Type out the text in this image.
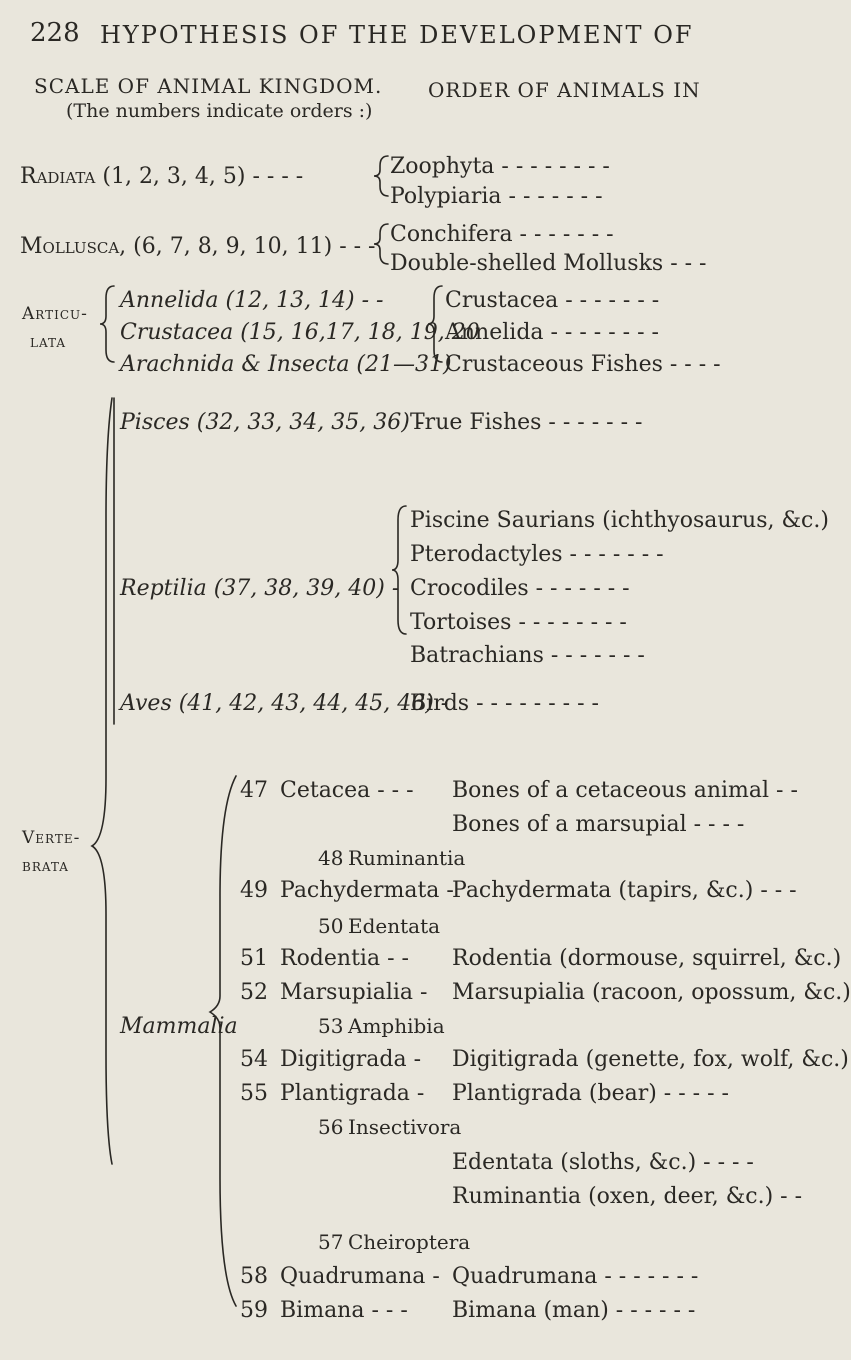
228 HYPOTHESIS OF THE DEVELOPMENT OF
SCALE OF ANIMAL KINGDOM.
(The numbers indicate orders :)
ORDER OF ANIMALS IN
Radiata (1, 2, 3, 4, 5) - - - -	Zoophyta - - - - - - - -
Polypiaria - - - - - - -
Mollusca, (6, 7, 8, 9, 10, 11) - - - Conchifera - - - - - - -
Double-shelled Mollusks - - -
Articu-
lata
Annelida (12, 13, 14) - -
Crustacea (15, 16,17, 18, 19, 20
Arachnida & Insecta (21—31)
Crustacea - - - - - - -
Annelida - - - - - - - -
Crustaceous Fishes - - - -
Pisces (32, 33, 34, 35, 36) -
True Fishes - - - - - - -
Reptilia (37, 38, 39, 40) -
Piscine Saurians (ichthyosaurus, &c.)
Pterodactyles - - - - - - -
Crocodiles - - - - - - -
Tortoises - - - - - - - -
Batrachians - - - - - - -
Aves (41, 42, 43, 44, 45, 46) -
Birds - - - - - - - - -
Verte-
brata
Mammalia
47 Cetacea - - -
48 Ruminantia
49 Pachydermata -
50 Edentata
51 Rodentia - -
52 Marsupialia -
53 Amphibia
54 Digitigrada -
55 Plantigrada -
56 Insectivora
57 Cheiroptera
58 Quadrumana -
59 Bimana - - -
Bones of a cetaceous animal - -
Bones of a marsupial - - - -
Pachydermata (tapirs, &c.) - - -
Rodentia (dormouse, squirrel, &c.)
Marsupialia (racoon, opossum, &c.)
Digitigrada (genette, fox, wolf, &c.)
Plantigrada (bear) - - - - -
Edentata (sloths, &c.) - - - -
Ruminantia (oxen, deer, &c.) - -
Quadrumana - - - - - - -
Bimana (man) - - - - - -
